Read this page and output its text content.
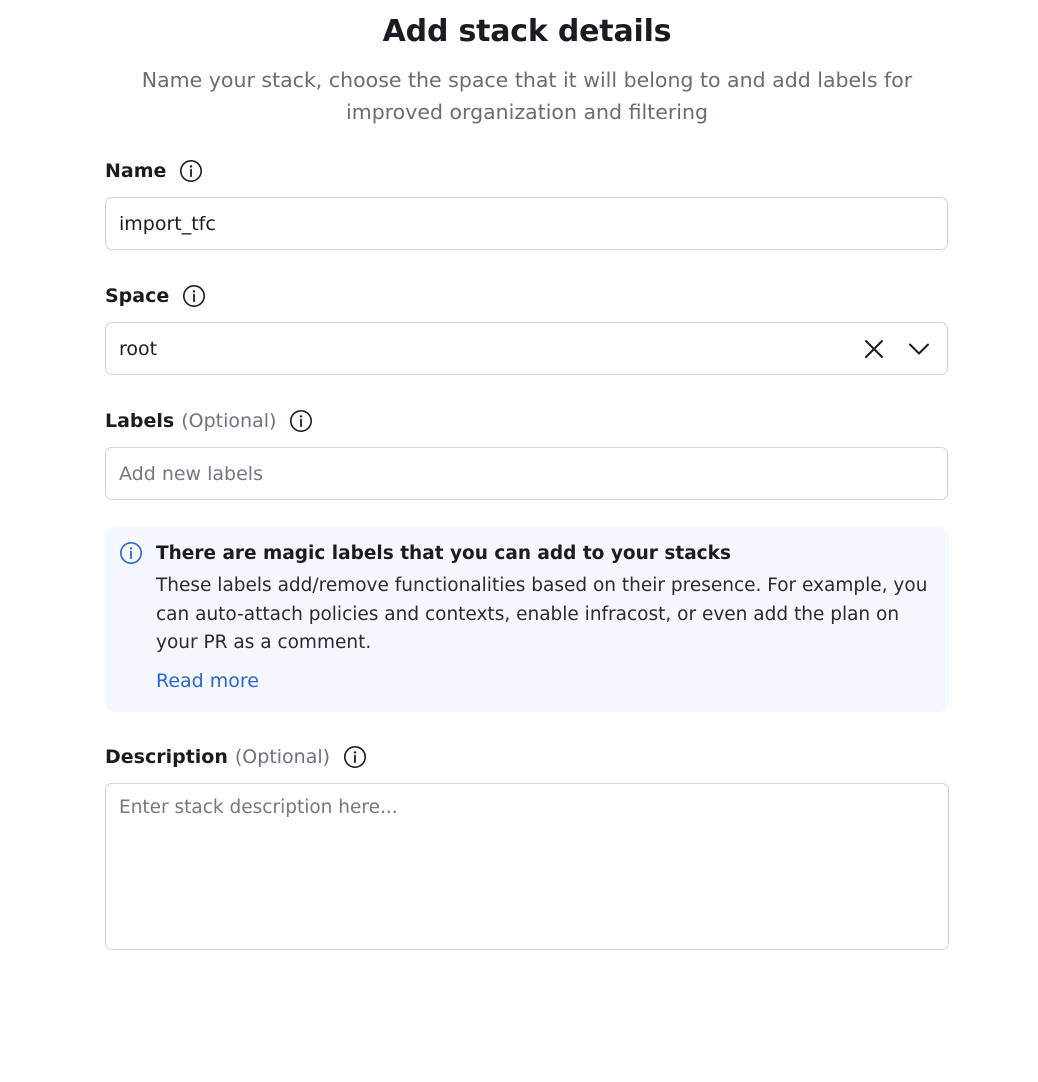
Add stack details
Name your stack, choose the space that it will belong to and add labels for improved organization and filtering
Name
import_tfc
Space
root
Labels (Optional)
Add new labels
There are magic labels that you can add to your stacks
These labels add/remove functionalities based on their presence. For example, you can auto-attach policies and contexts, enable infracost, or even add the plan on your PR as a comment.
Read more
Description (Optional)
Enter stack description here...
